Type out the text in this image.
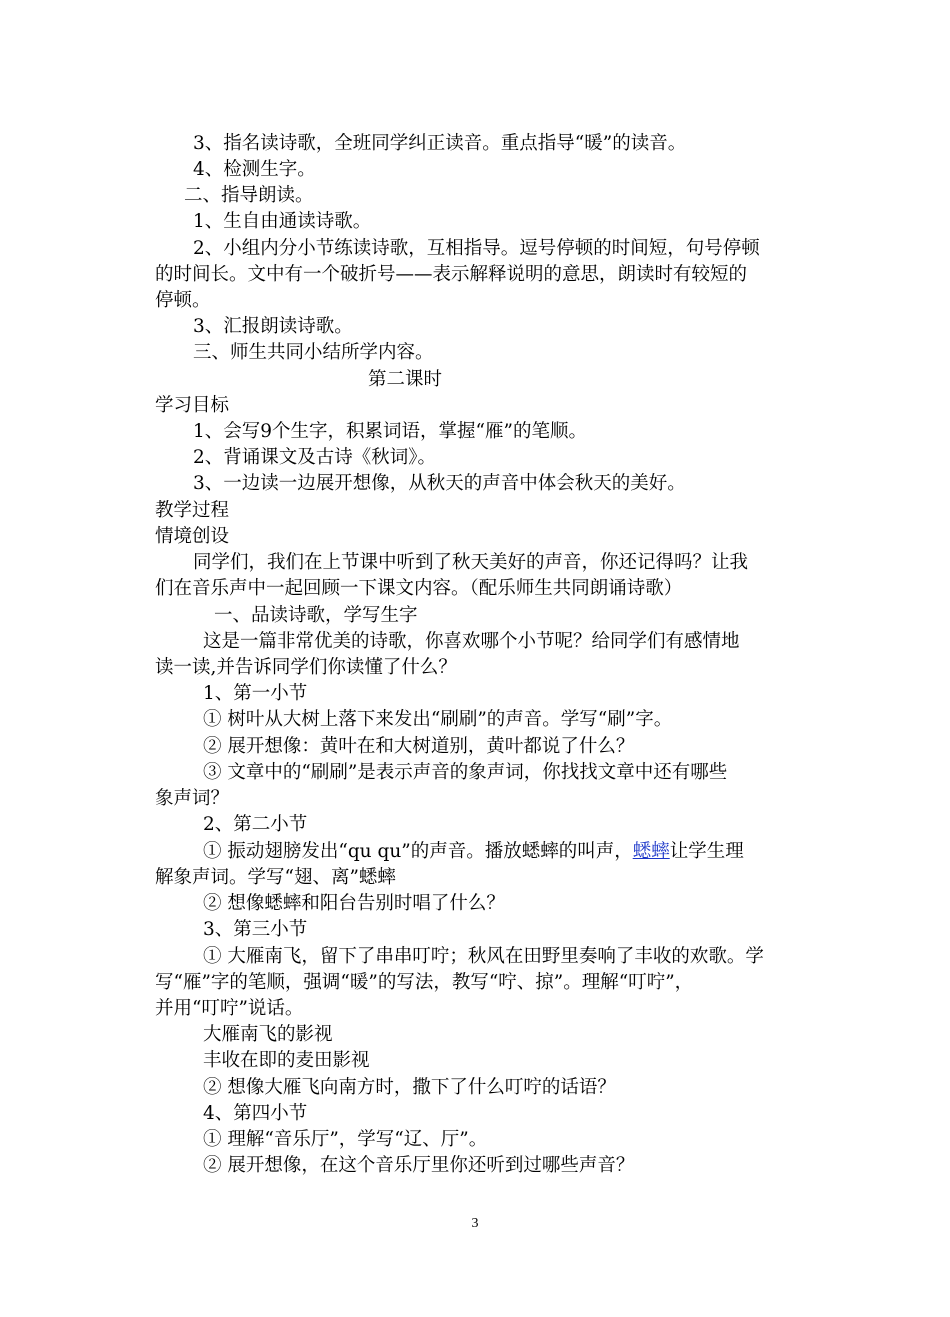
3、指名读诗歌，全班同学纠正读音。重点指导“暖”的读音。
4、检测生字。
二、指导朗读。
1、生自由通读诗歌。
2、小组内分小节练读诗歌，互相指导。逗号停顿的时间短，句号停顿
的时间长。文中有一个破折号——表示解释说明的意思，朗读时有较短的
停顿。
3、汇报朗读诗歌。
三、师生共同小结所学内容。
第二课时
学习目标
1、会写9个生字，积累词语，掌握“雁”的笔顺。
2、背诵课文及古诗《秋词》。
3、一边读一边展开想像，从秋天的声音中体会秋天的美好。
教学过程
情境创设
同学们，我们在上节课中听到了秋天美好的声音，你还记得吗？让我
们在音乐声中一起回顾一下课文内容。（配乐师生共同朗诵诗歌）
一、品读诗歌，学写生字
这是一篇非常优美的诗歌，你喜欢哪个小节呢？给同学们有感情地
读一读,并告诉同学们你读懂了什么？
1、第一小节
① 树叶从大树上落下来发出“刷刷”的声音。学写“刷”字。
② 展开想像：黄叶在和大树道别，黄叶都说了什么？
③ 文章中的“刷刷”是表示声音的象声词，你找找文章中还有哪些
象声词？
2、第二小节
① 振动翅膀发出“qu qu”的声音。播放蟋蟀的叫声，蟋蟀让学生理
解象声词。学写“翅、离”蟋蟀
② 想像蟋蟀和阳台告别时唱了什么？
3、第三小节
① 大雁南飞，留下了串串叮咛；秋风在田野里奏响了丰收的欢歌。学
写“雁”字的笔顺，强调“暖”的写法，教写“咛、掠”。理解“叮咛”，
并用“叮咛”说话。
大雁南飞的影视
丰收在即的麦田影视
② 想像大雁飞向南方时，撒下了什么叮咛的话语？
4、第四小节
① 理解“音乐厅”，学写“辽、厅”。
② 展开想像，在这个音乐厅里你还听到过哪些声音？
3
